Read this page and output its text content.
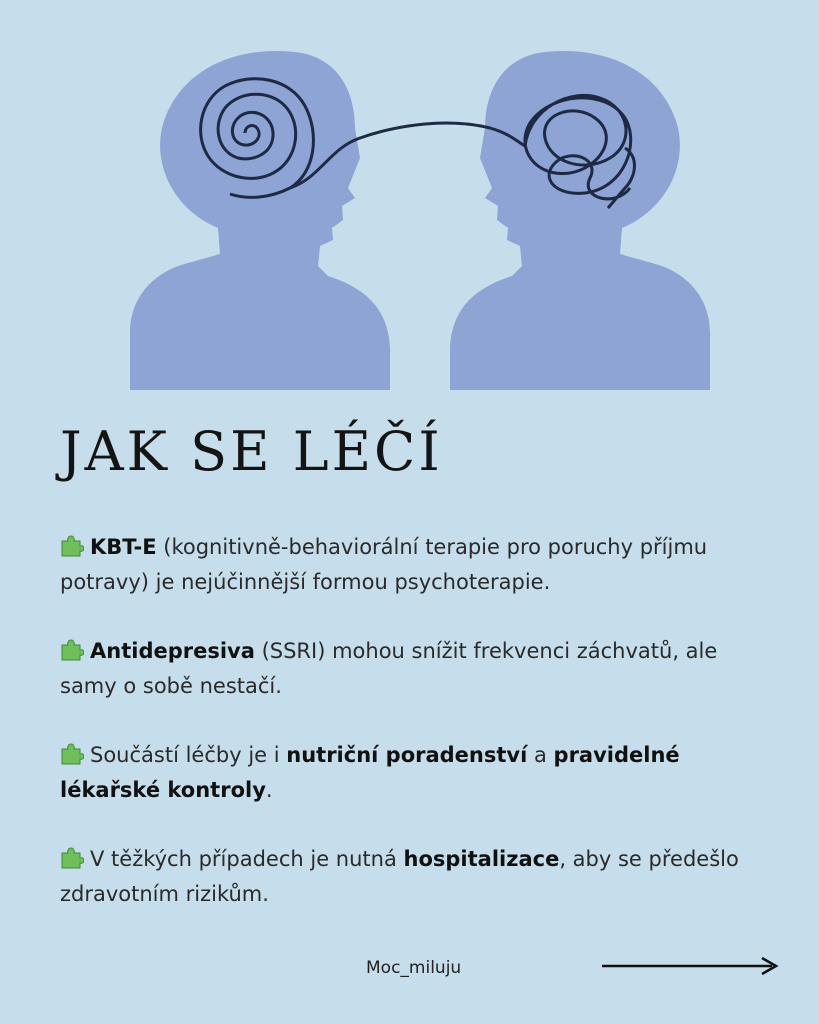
JAK SE LÉČÍ

KBT-E (kognitivně-behaviorální terapie pro poruchy příjmu potravy) je nejúčinnější formou psychoterapie.

Antidepresiva (SSRI) mohou snížit frekvenci záchvatů, ale samy o sobě nestačí.

Součástí léčby je i nutriční poradenství a pravidelné lékařské kontroly.

V těžkých případech je nutná hospitalizace, aby se předešlo zdravotním rizikům.

Moc_miluju
